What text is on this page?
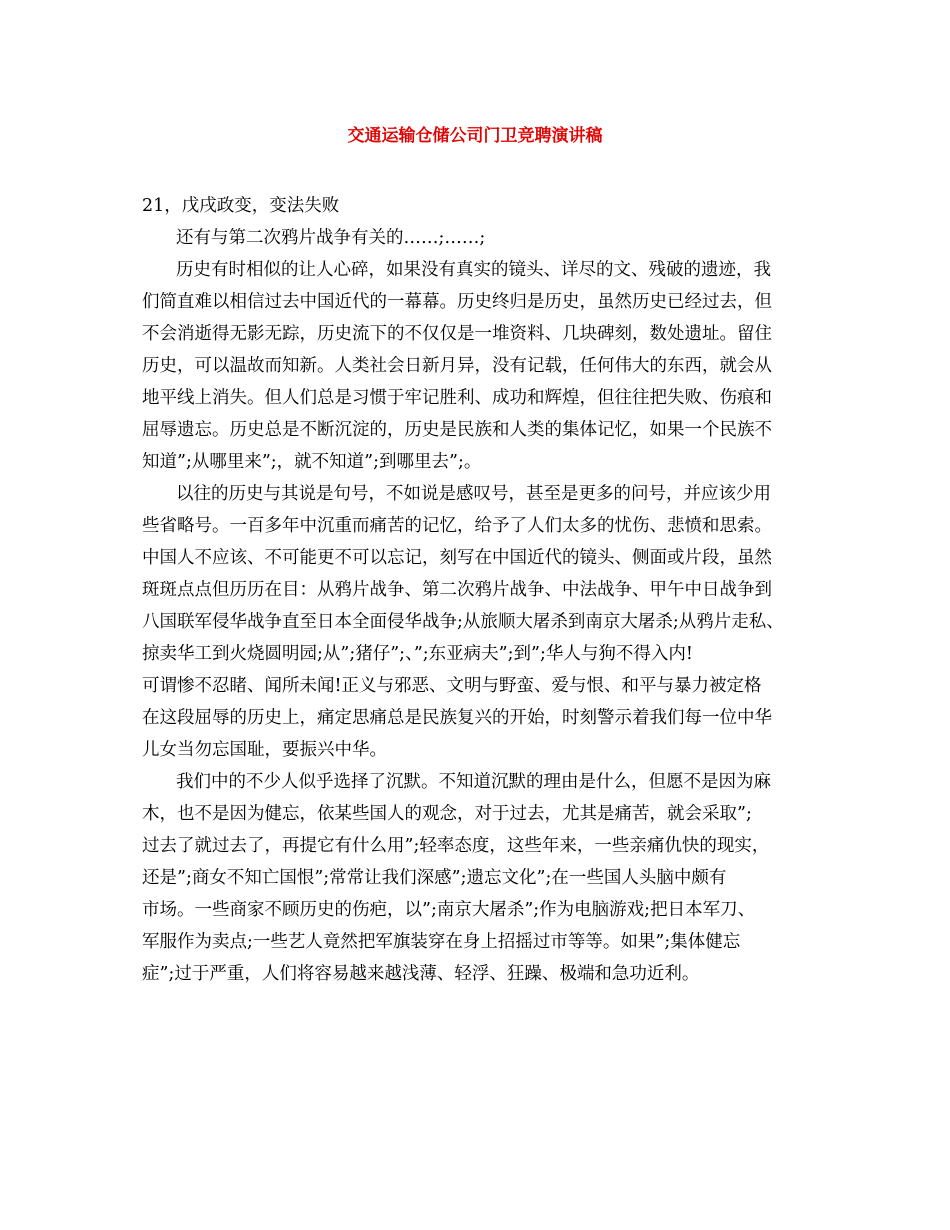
交通运输仓储公司门卫竞聘演讲稿

21，戊戌政变，变法失败

还有与第二次鸦片战争有关的……;……;

历史有时相似的让人心碎，如果没有真实的镜头、详尽的文、残破的遗迹，我

们简直难以相信过去中国近代的一幕幕。历史终归是历史，虽然历史已经过去，但

不会消逝得无影无踪，历史流下的不仅仅是一堆资料、几块碑刻，数处遗址。留住

历史，可以温故而知新。人类社会日新月异，没有记载，任何伟大的东西，就会从

地平线上消失。但人们总是习惯于牢记胜利、成功和辉煌，但往往把失败、伤痕和

屈辱遗忘。历史总是不断沉淀的，历史是民族和人类的集体记忆，如果一个民族不

知道”;从哪里来”;，就不知道”;到哪里去”;。

以往的历史与其说是句号，不如说是感叹号，甚至是更多的问号，并应该少用

些省略号。一百多年中沉重而痛苦的记忆，给予了人们太多的忧伤、悲愤和思索。

中国人不应该、不可能更不可以忘记，刻写在中国近代的镜头、侧面或片段，虽然

斑斑点点但历历在目：从鸦片战争、第二次鸦片战争、中法战争、甲午中日战争到

八国联军侵华战争直至日本全面侵华战争;从旅顺大屠杀到南京大屠杀;从鸦片走私、

掠卖华工到火烧圆明园;从”;猪仔”;、”;东亚病夫”;到”;华人与狗不得入内!

可谓惨不忍睹、闻所未闻!正义与邪恶、文明与野蛮、爱与恨、和平与暴力被定格

在这段屈辱的历史上，痛定思痛总是民族复兴的开始，时刻警示着我们每一位中华

儿女当勿忘国耻，要振兴中华。

我们中的不少人似乎选择了沉默。不知道沉默的理由是什么，但愿不是因为麻

木，也不是因为健忘，依某些国人的观念，对于过去，尤其是痛苦，就会采取”;

过去了就过去了，再提它有什么用”;轻率态度，这些年来，一些亲痛仇快的现实，

还是”;商女不知亡国恨”;常常让我们深感”;遗忘文化”;在一些国人头脑中颇有

市场。一些商家不顾历史的伤疤，以”;南京大屠杀”;作为电脑游戏;把日本军刀、

军服作为卖点;一些艺人竟然把军旗装穿在身上招摇过市等等。如果”;集体健忘

症”;过于严重，人们将容易越来越浅薄、轻浮、狂躁、极端和急功近利。
